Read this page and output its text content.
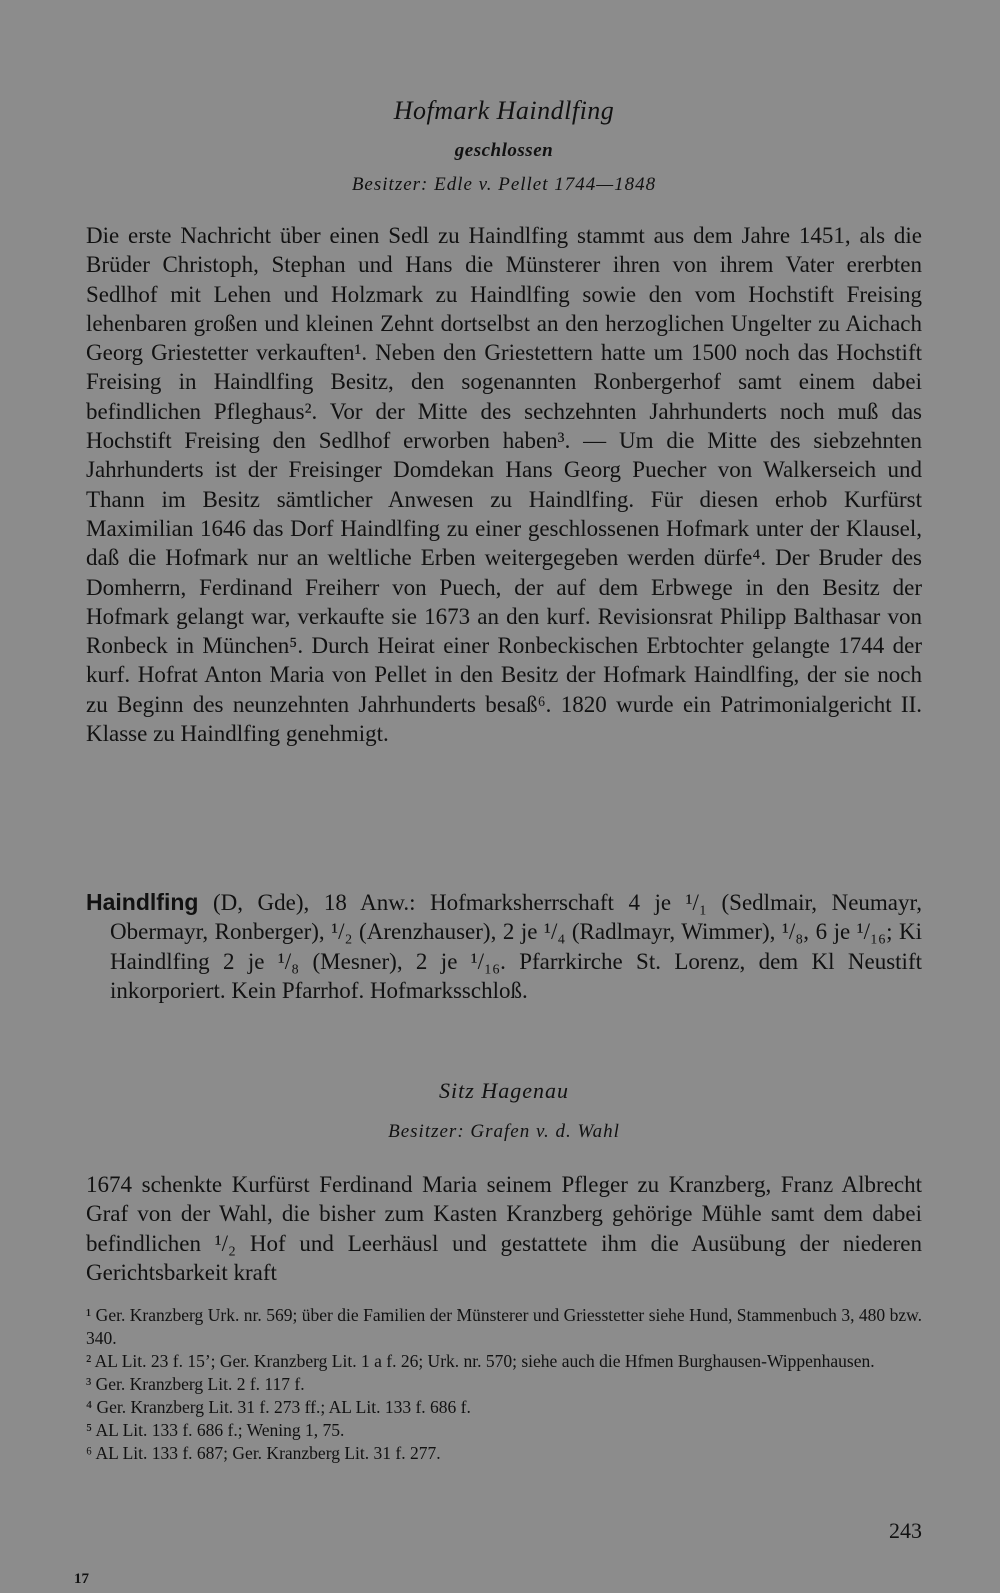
Hofmark Haindlfing
geschlossen
Besitzer: Edle v. Pellet 1744—1848

Die erste Nachricht über einen Sedl zu Haindlfing stammt aus dem Jahre 1451, als die Brüder Christoph, Stephan und Hans die Münsterer ihren von ihrem Vater ererbten Sedlhof mit Lehen und Holzmark zu Haindlfing sowie den vom Hochstift Freising lehenbaren großen und kleinen Zehnt dortselbst an den herzoglichen Ungelter zu Aichach Georg Griestetter verkauften¹. Neben den Griestettern hatte um 1500 noch das Hochstift Freising in Haindlfing Besitz, den sogenannten Ronbergerhof samt einem dabei befindlichen Pfleghaus². Vor der Mitte des sechzehnten Jahrhunderts noch muß das Hochstift Freising den Sedlhof erworben haben³. — Um die Mitte des siebzehnten Jahrhunderts ist der Freisinger Domdekan Hans Georg Puecher von Walkerseich und Thann im Besitz sämtlicher Anwesen zu Haindlfing. Für diesen erhob Kurfürst Maximilian 1646 das Dorf Haindlfing zu einer geschlossenen Hofmark unter der Klausel, daß die Hofmark nur an weltliche Erben weitergegeben werden dürfe⁴. Der Bruder des Domherrn, Ferdinand Freiherr von Puech, der auf dem Erbwege in den Besitz der Hofmark gelangt war, verkaufte sie 1673 an den kurf. Revisionsrat Philipp Balthasar von Ronbeck in München⁵. Durch Heirat einer Ronbeckischen Erbtochter gelangte 1744 der kurf. Hofrat Anton Maria von Pellet in den Besitz der Hofmark Haindlfing, der sie noch zu Beginn des neunzehnten Jahrhunderts besaß⁶. 1820 wurde ein Patrimonialgericht II. Klasse zu Haindlfing genehmigt.

Haindlfing (D, Gde), 18 Anw.: Hofmarksherrschaft 4 je ¹/₁ (Sedlmair, Neumayr, Obermayr, Ronberger), ¹/₂ (Arenzhauser), 2 je ¹/₄ (Radlmayr, Wimmer), ¹/₈, 6 je ¹/₁₆; Ki Haindlfing 2 je ¹/₈ (Mesner), 2 je ¹/₁₆. Pfarrkirche St. Lorenz, dem Kl Neustift inkorporiert. Kein Pfarrhof. Hofmarksschloß.

Sitz Hagenau
Besitzer: Grafen v. d. Wahl

1674 schenkte Kurfürst Ferdinand Maria seinem Pfleger zu Kranzberg, Franz Albrecht Graf von der Wahl, die bisher zum Kasten Kranzberg gehörige Mühle samt dem dabei befindlichen ¹/₂ Hof und Leerhäusl und gestattete ihm die Ausübung der niederen Gerichtsbarkeit kraft

¹ Ger. Kranzberg Urk. nr. 569; über die Familien der Münsterer und Griesstetter siehe Hund, Stammenbuch 3, 480 bzw. 340.
² AL Lit. 23 f. 15’; Ger. Kranzberg Lit. 1 a f. 26; Urk. nr. 570; siehe auch die Hfmen Burghausen-Wippenhausen.
³ Ger. Kranzberg Lit. 2 f. 117 f.
⁴ Ger. Kranzberg Lit. 31 f. 273 ff.; AL Lit. 133 f. 686 f.
⁵ AL Lit. 133 f. 686 f.; Wening 1, 75.
⁶ AL Lit. 133 f. 687; Ger. Kranzberg Lit. 31 f. 277.
243
17
